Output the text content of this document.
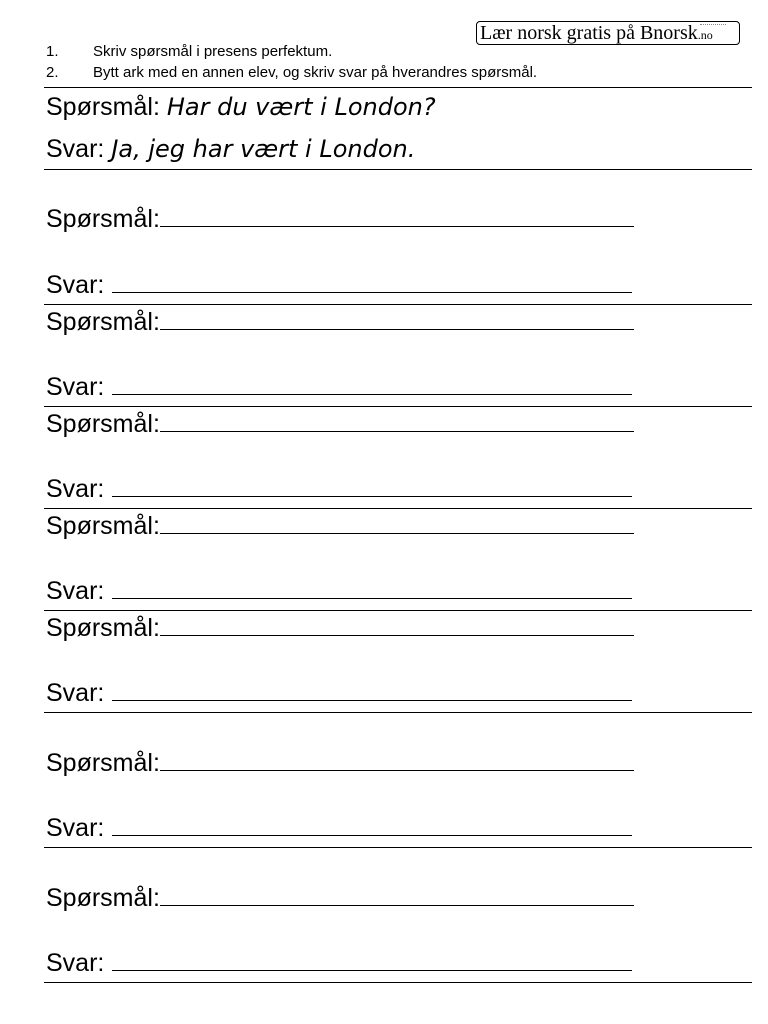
Lær norsk gratis på Bnorsk.no
1. Skriv spørsmål i presens perfektum.
2. Bytt ark med en annen elev, og skriv svar på hverandres spørsmål.
Spørsmål: Har du vært i London?
Svar: Ja, jeg har vært i London.
Spørsmål:
Svar:
Spørsmål:
Svar:
Spørsmål:
Svar:
Spørsmål:
Svar:
Spørsmål:
Svar:
Spørsmål:
Svar:
Spørsmål:
Svar:
